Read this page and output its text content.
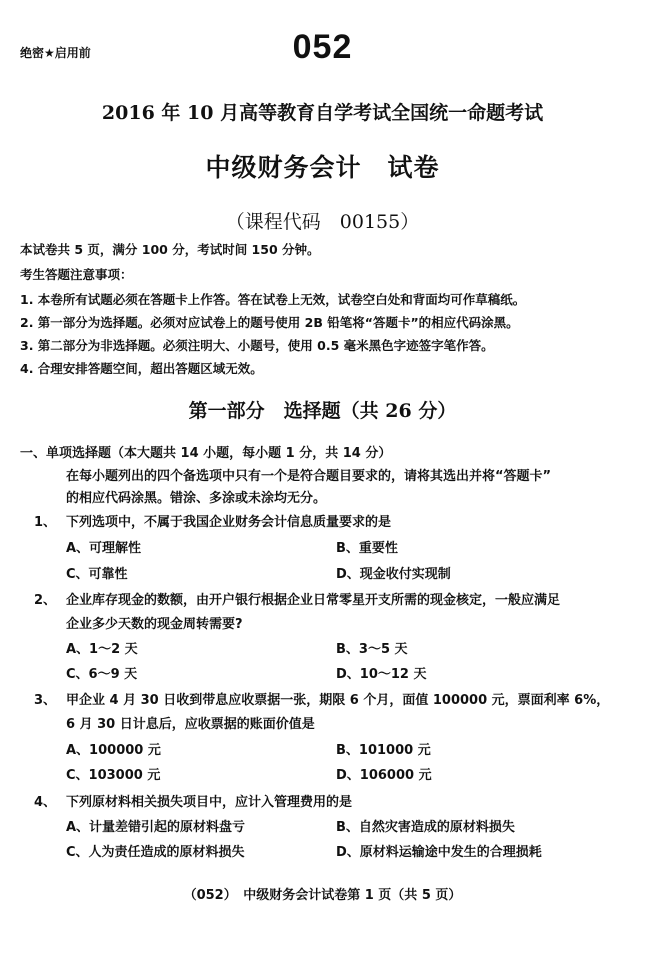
绝密★启用前	052
2016 年 10 月高等教育自学考试全国统一命题考试
中级财务会计　试卷
（课程代码　00155）
本试卷共 5 页，满分 100 分，考试时间 150 分钟。
考生答题注意事项：
1. 本卷所有试题必须在答题卡上作答。答在试卷上无效，试卷空白处和背面均可作草稿纸。
2. 第一部分为选择题。必须对应试卷上的题号使用 2B 铅笔将“答题卡”的相应代码涂黑。
3. 第二部分为非选择题。必须注明大、小题号，使用 0.5 毫米黑色字迹签字笔作答。
4. 合理安排答题空间，超出答题区域无效。
第一部分　选择题（共 26 分）
一、单项选择题（本大题共 14 小题，每小题 1 分，共 14 分）
在每小题列出的四个备选项中只有一个是符合题目要求的，请将其选出并将“答题卡”
的相应代码涂黑。错涂、多涂或未涂均无分。
1、 下列选项中，不属于我国企业财务会计信息质量要求的是
A、可理解性	B、重要性
C、可靠性	D、现金收付实现制
2、 企业库存现金的数额，由开户银行根据企业日常零星开支所需的现金核定，一般应满足
企业多少天数的现金周转需要?
A、1～2 天	B、3～5 天
C、6～9 天	D、10～12 天
3、 甲企业 4 月 30 日收到带息应收票据一张，期限 6 个月，面值 100000 元，票面利率 6%，
6 月 30 日计息后，应收票据的账面价值是
A、100000 元	B、101000 元
C、103000 元	D、106000 元
4、 下列原材料相关损失项目中，应计入管理费用的是
A、计量差错引起的原材料盘亏	B、自然灾害造成的原材料损失
C、人为责任造成的原材料损失	D、原材料运输途中发生的合理损耗
（052）　中级财务会计试卷第 1 页（共 5 页）
